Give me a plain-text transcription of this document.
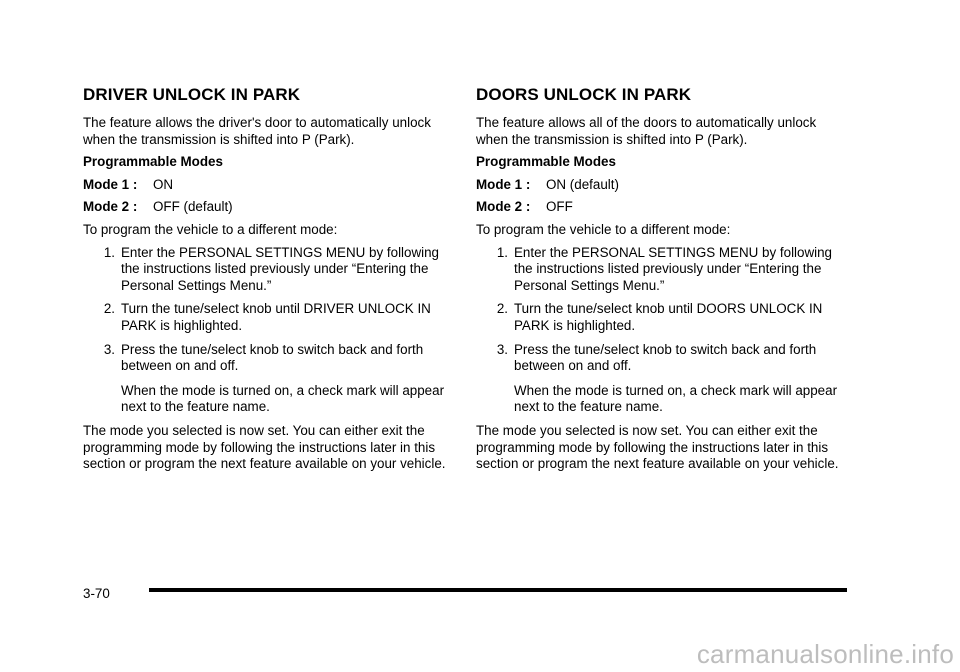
DRIVER UNLOCK IN PARK

The feature allows the driver's door to automatically unlock when the transmission is shifted into P (Park).

Programmable Modes

Mode 1 :	ON
Mode 2 :	OFF (default)

To program the vehicle to a different mode:

1. Enter the PERSONAL SETTINGS MENU by following the instructions listed previously under “Entering the Personal Settings Menu.”
2. Turn the tune/select knob until DRIVER UNLOCK IN PARK is highlighted.
3. Press the tune/select knob to switch back and forth between on and off.
When the mode is turned on, a check mark will appear next to the feature name.

The mode you selected is now set. You can either exit the programming mode by following the instructions later in this section or program the next feature available on your vehicle.

DOORS UNLOCK IN PARK

The feature allows all of the doors to automatically unlock when the transmission is shifted into P (Park).

Programmable Modes

Mode 1 :	ON (default)
Mode 2 :	OFF

To program the vehicle to a different mode:

1. Enter the PERSONAL SETTINGS MENU by following the instructions listed previously under “Entering the Personal Settings Menu.”
2. Turn the tune/select knob until DOORS UNLOCK IN PARK is highlighted.
3. Press the tune/select knob to switch back and forth between on and off.
When the mode is turned on, a check mark will appear next to the feature name.

The mode you selected is now set. You can either exit the programming mode by following the instructions later in this section or program the next feature available on your vehicle.

3-70
carmanualsonline.info
